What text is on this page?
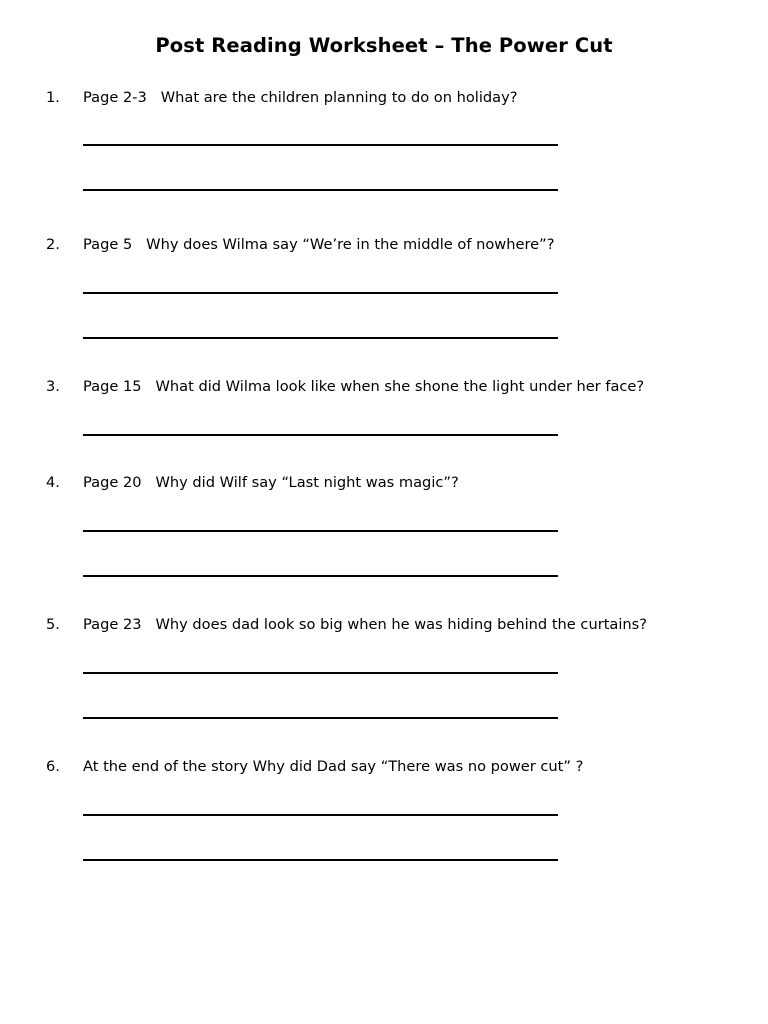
Post Reading Worksheet – The Power Cut
1. Page 2-3   What are the children planning to do on holiday?
2. Page 5   Why does Wilma say “We’re in the middle of nowhere”?
3. Page 15   What did Wilma look like when she shone the light under her face?
4. Page 20   Why did Wilf say “Last night was magic”?
5. Page 23   Why does dad look so big when he was hiding behind the curtains?
6. At the end of the story Why did Dad say “There was no power cut” ?
